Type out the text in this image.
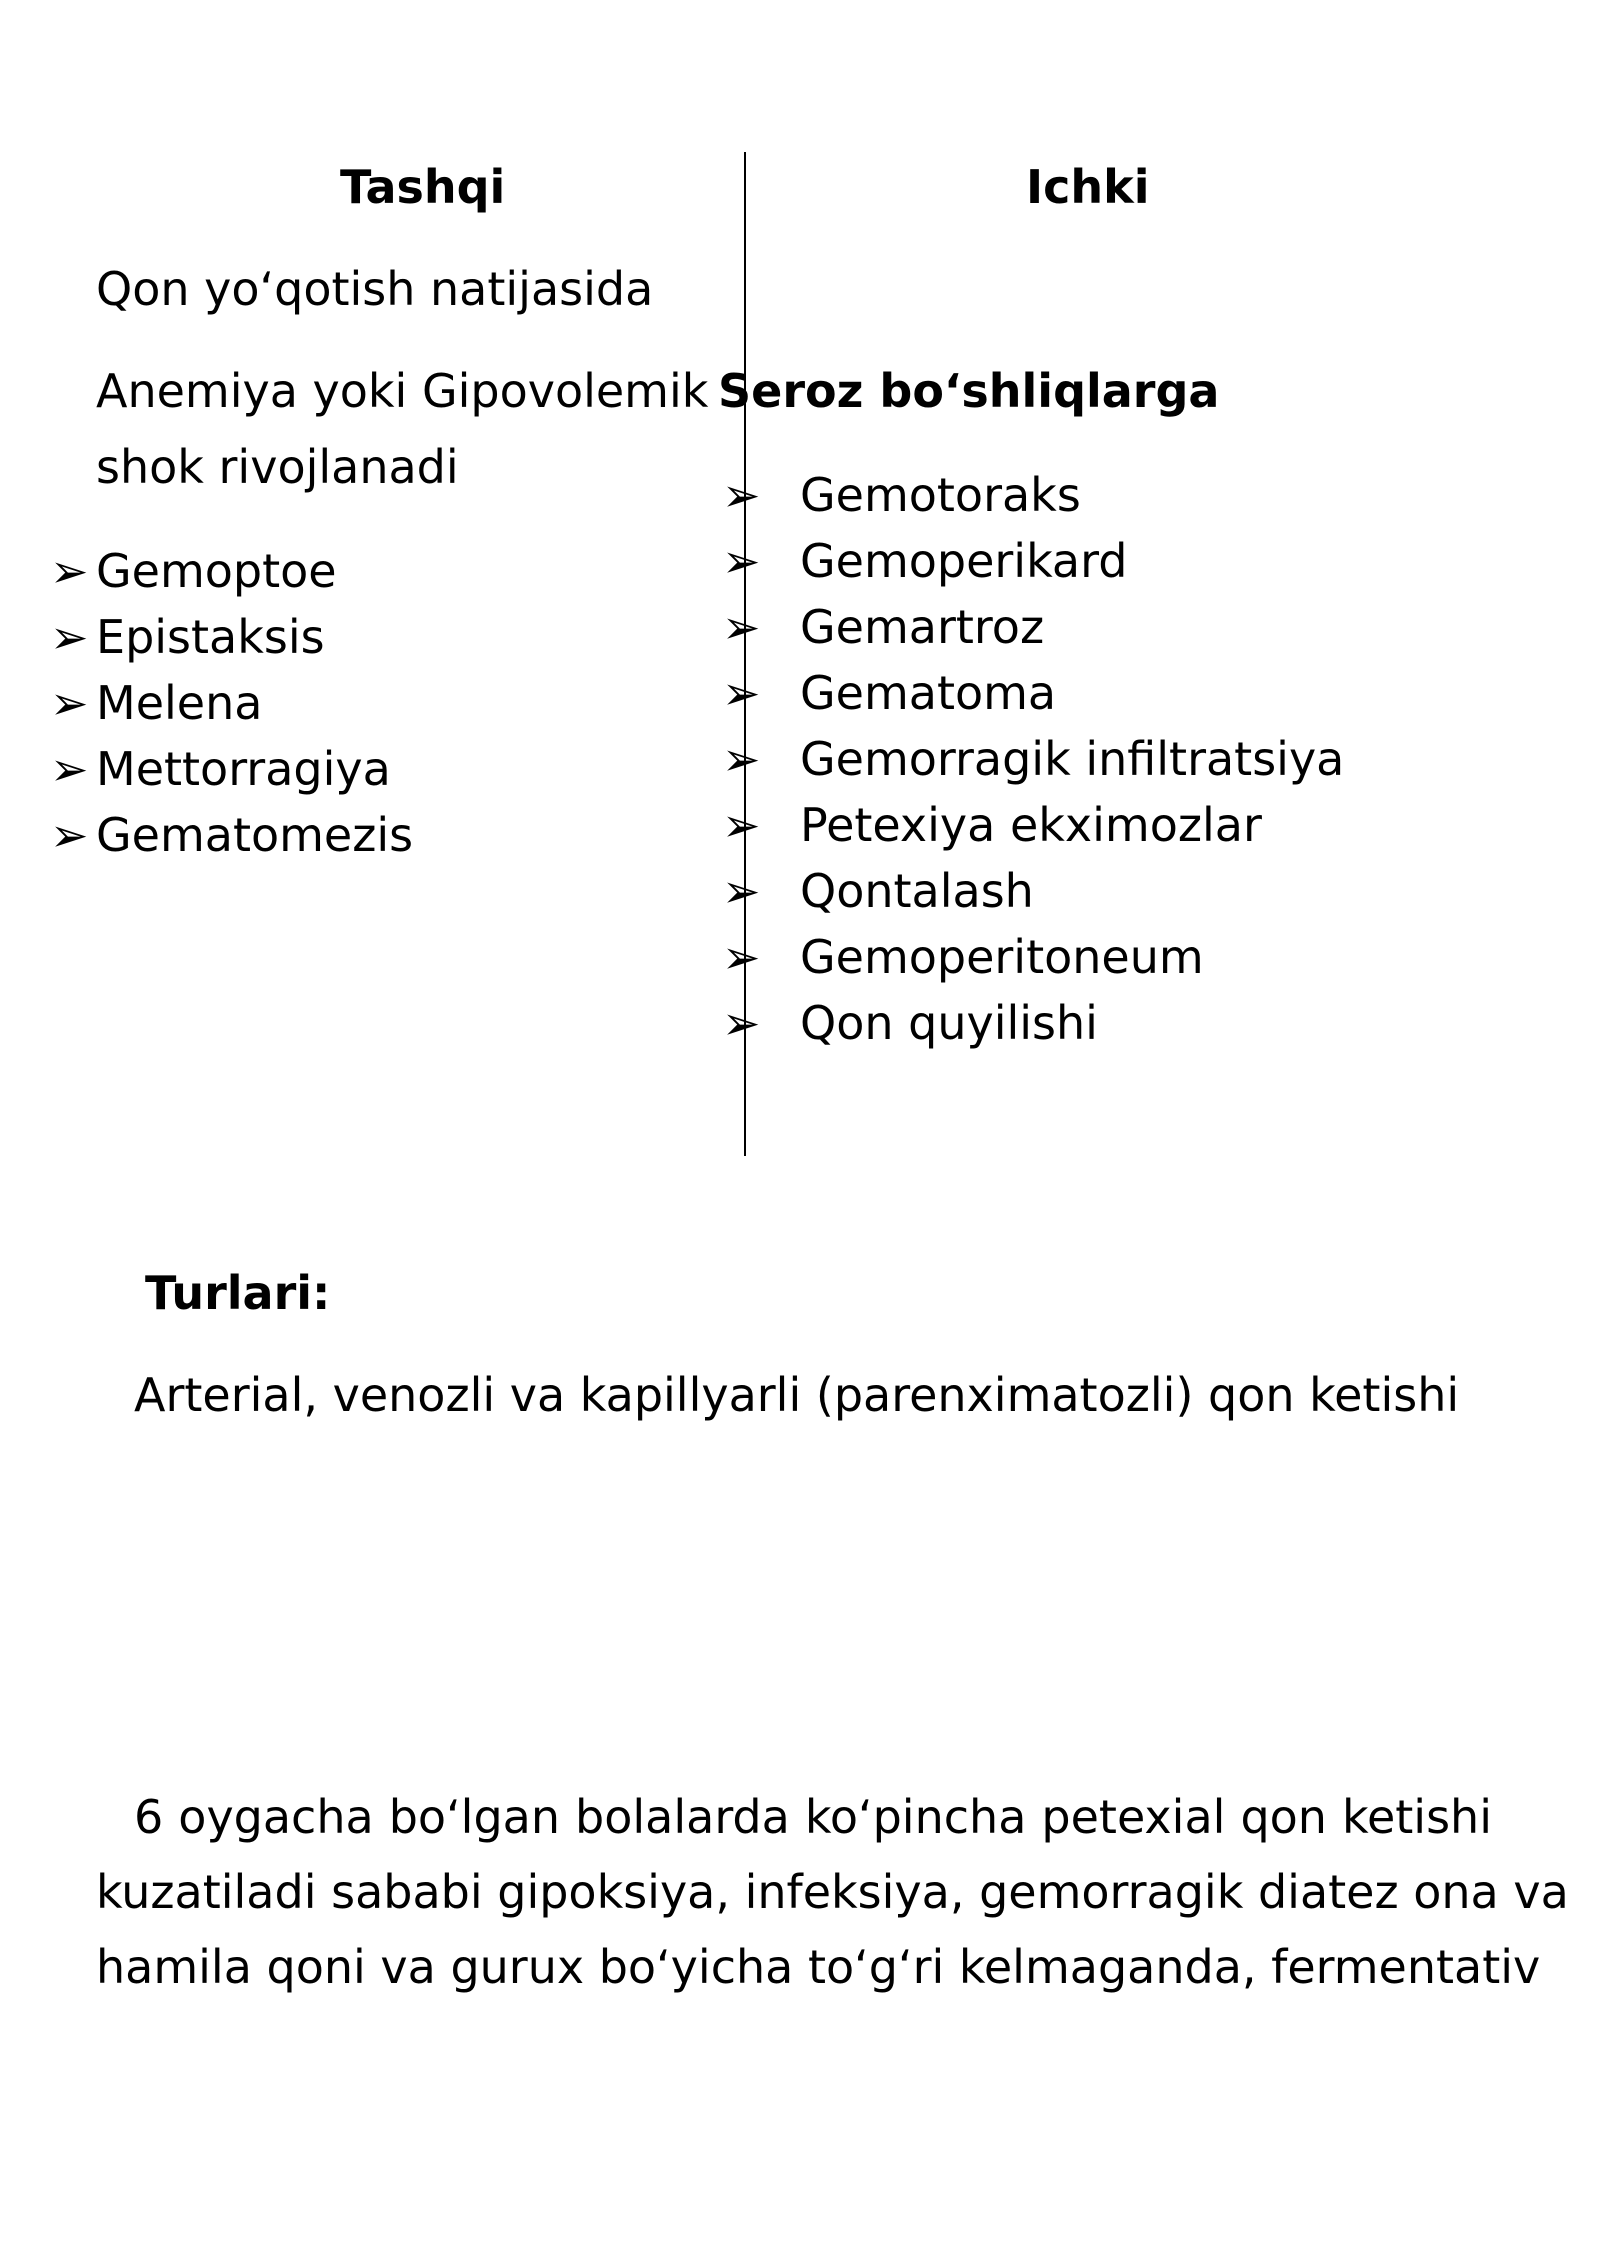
Tashqi
Qon yo‘qotish natijasida
Anemiya yoki Gipovolemik
shok rivojlanadi
➢ Gemoptoe
➢ Epistaksis
➢ Melena
➢ Mettorragiya
➢ Gematomezis
Ichki
Seroz bo‘shliqlarga
➢ Gemotoraks
➢ Gemoperikard
➢ Gemartroz
➢ Gematoma
➢ Gemorragik infiltratsiya
➢ Petexiya ekximozlar
➢ Qontalash
➢ Gemoperitoneum
➢ Qon quyilishi
Turlari:
Arterial, venozli va kapillyarli (parenximatozli) qon ketishi
6 oygacha bo‘lgan bolalarda ko‘pincha petexial qon ketishi
kuzatiladi sababi gipoksiya, infeksiya, gemorragik diatez ona va
hamila qoni va gurux bo‘yicha to‘g‘ri kelmaganda, fermentativ
